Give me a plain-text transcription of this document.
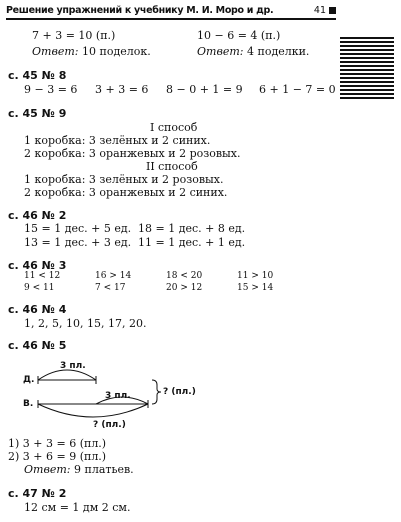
Решение упражнений к учебнику М. И. Моро и др.	41
7 + 3 = 10 (п.)	10 − 6 = 4 (п.)
Ответ: 10 поделок.	Ответ: 4 поделки.
с. 45 № 8
9 − 3 = 6 3 + 3 = 6 8 − 0 + 1 = 9 6 + 1 − 7 = 0
с. 45 № 9
I способ
1 коробка: 3 зелёных и 2 синих.
2 коробка: 3 оранжевых и 2 розовых.
II способ
1 коробка: 3 зелёных и 2 розовых.
2 коробка: 3 оранжевых и 2 синих.
с. 46 № 2
15 = 1 дес. + 5 ед. 18 = 1 дес. + 8 ед.
13 = 1 дес. + 3 ед. 11 = 1 дес. + 1 ед.
с. 46 № 3
11 < 12	16 > 14	18 < 20	11 > 10
9 < 11	7 < 17	20 > 12	15 > 14
с. 46 № 4
1, 2, 5, 10, 15, 17, 20.
с. 46 № 5
3 пл.
Д.
3 пл.
В.
? (пл.)
? (пл.)
1) 3 + 3 = 6 (пл.)
2) 3 + 6 = 9 (пл.)
Ответ: 9 платьев.
с. 47 № 2
12 см = 1 дм 2 см.
